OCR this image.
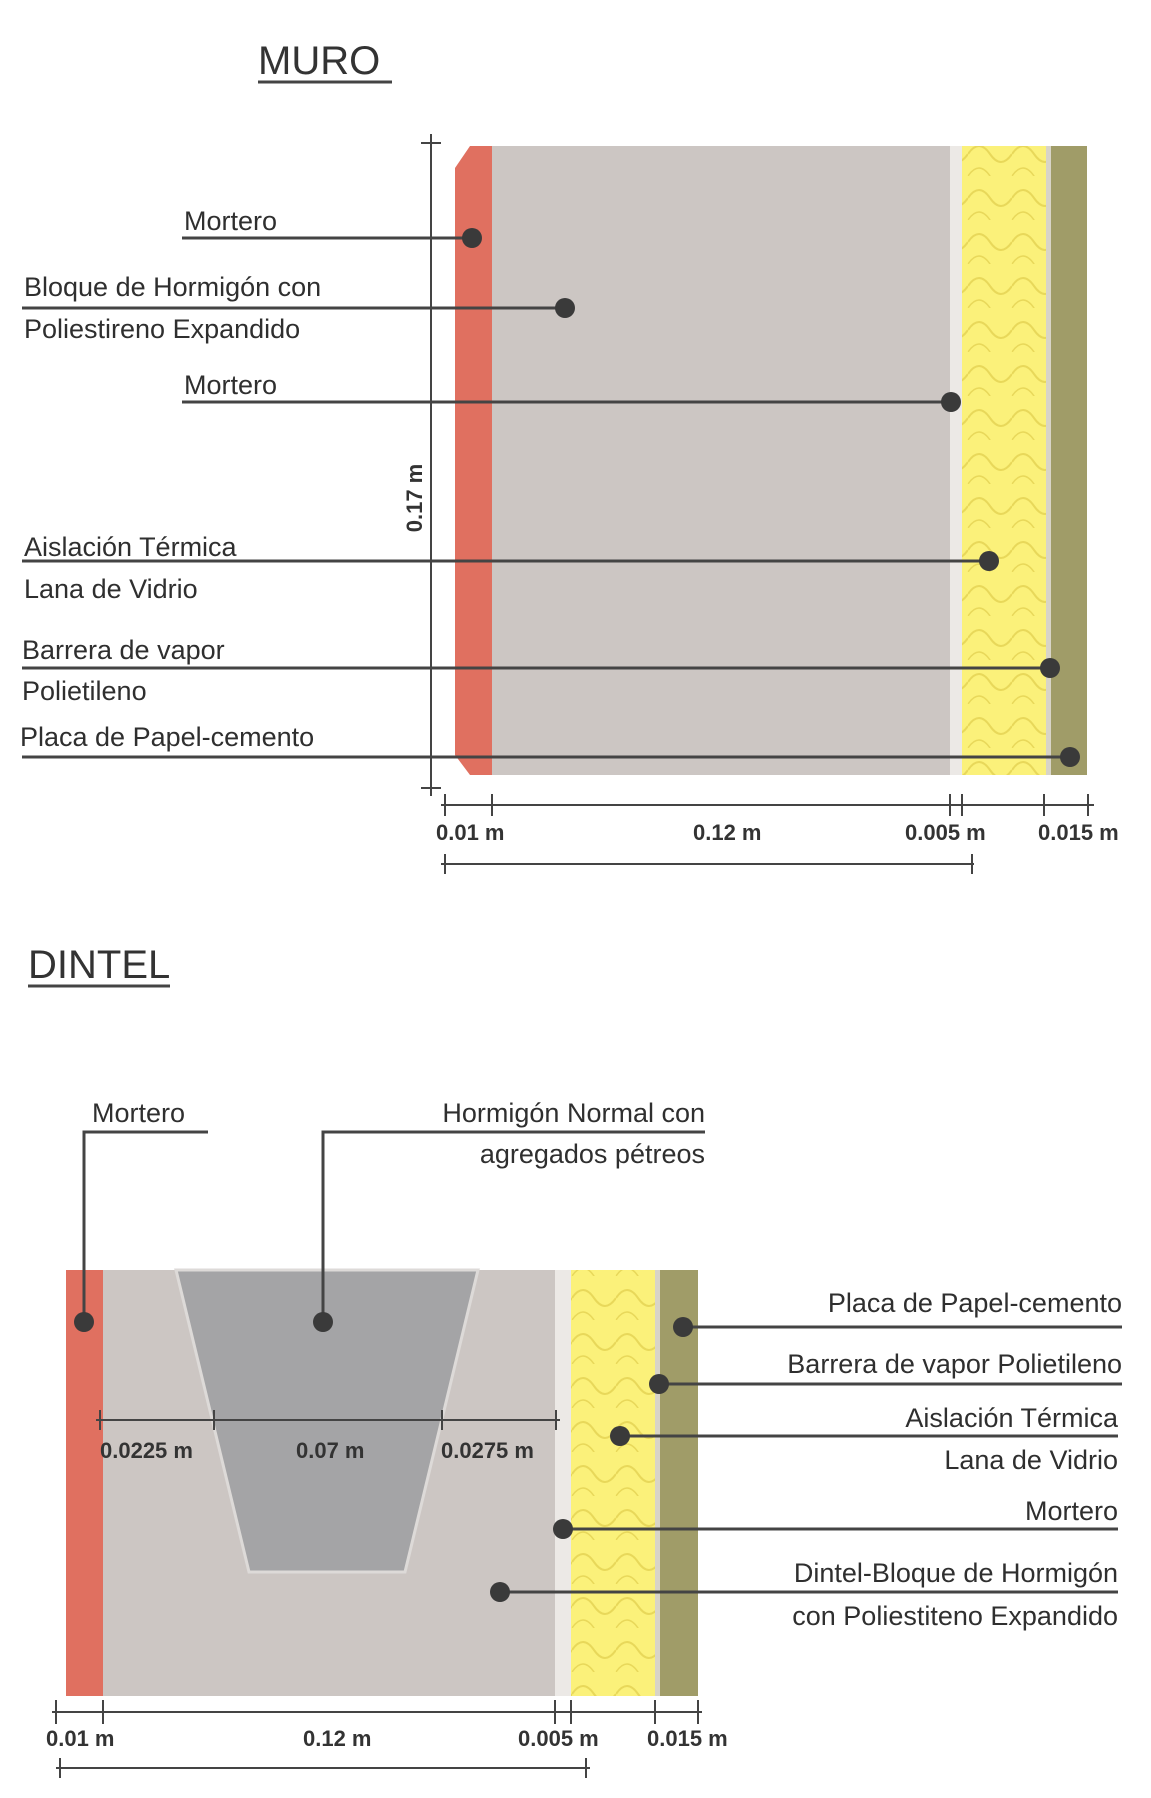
MURO
0.17 m
Mortero
Bloque de Hormigón con
Poliestireno Expandido
Mortero
Aislación Térmica
Lana de Vidrio
Barrera de vapor
Polietileno
Placa de Papel-cemento
0.01 m	0.12 m	0.005 m 0.015 m
DINTEL
Mortero	Hormigón Normal con
agregados pétreos
0.0225 m	0.07 m	0.0275 m
Placa de Papel-cemento
Barrera de vapor Polietileno
Aislación Térmica
Lana de Vidrio
Mortero
Dintel-Bloque de Hormigón
con Poliestiteno Expandido
0.01 m	0.12 m	0.005 m 0.015 m
